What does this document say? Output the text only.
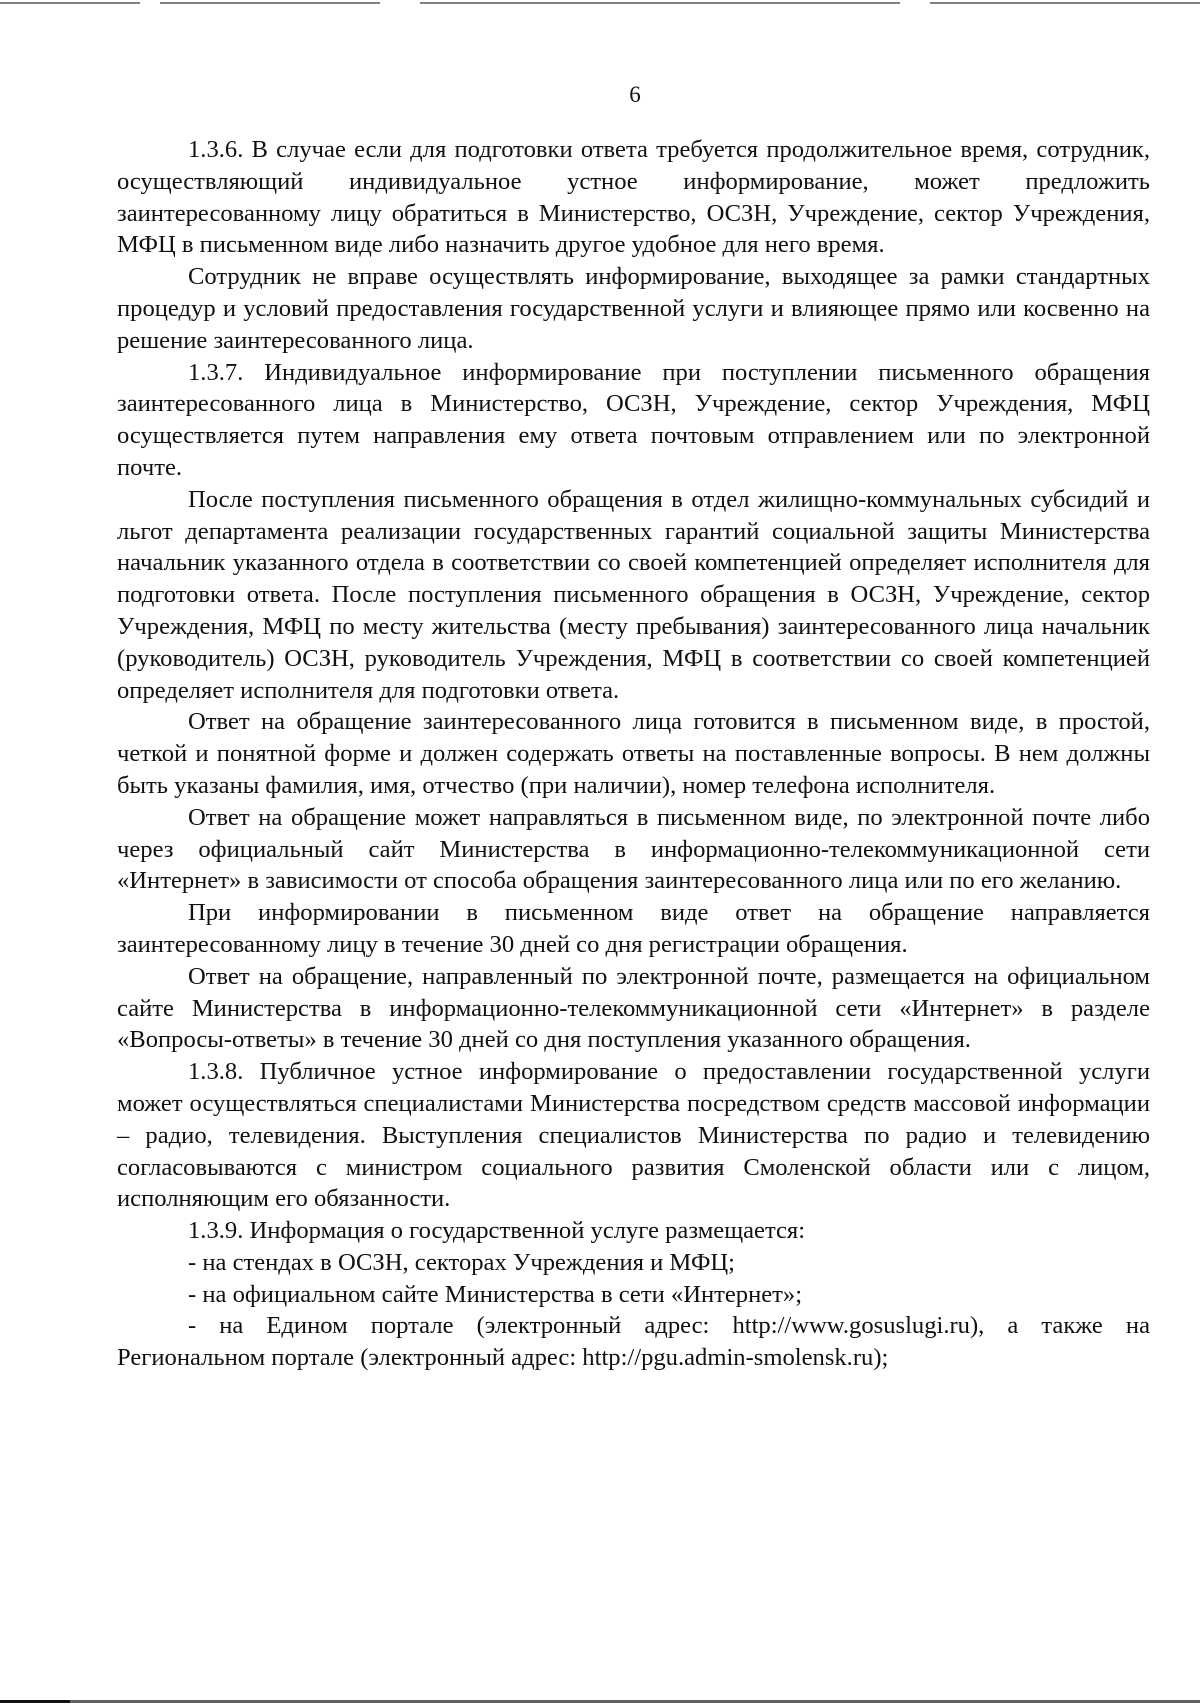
6

1.3.6. В случае если для подготовки ответа требуется продолжительное время, сотрудник, осуществляющий индивидуальное устное информирование, может предложить заинтересованному лицу обратиться в Министерство, ОСЗН, Учреждение, сектор Учреждения, МФЦ в письменном виде либо назначить другое удобное для него время.

Сотрудник не вправе осуществлять информирование, выходящее за рамки стандартных процедур и условий предоставления государственной услуги и влияющее прямо или косвенно на решение заинтересованного лица.

1.3.7. Индивидуальное информирование при поступлении письменного обращения заинтересованного лица в Министерство, ОСЗН, Учреждение, сектор Учреждения, МФЦ осуществляется путем направления ему ответа почтовым отправлением или по электронной почте.

После поступления письменного обращения в отдел жилищно-коммунальных субсидий и льгот департамента реализации государственных гарантий социальной защиты Министерства начальник указанного отдела в соответствии со своей компетенцией определяет исполнителя для подготовки ответа. После поступления письменного обращения в ОСЗН, Учреждение, сектор Учреждения, МФЦ по месту жительства (месту пребывания) заинтересованного лица начальник (руководитель) ОСЗН, руководитель Учреждения, МФЦ в соответствии со своей компетенцией определяет исполнителя для подготовки ответа.

Ответ на обращение заинтересованного лица готовится в письменном виде, в простой, четкой и понятной форме и должен содержать ответы на поставленные вопросы. В нем должны быть указаны фамилия, имя, отчество (при наличии), номер телефона исполнителя.

Ответ на обращение может направляться в письменном виде, по электронной почте либо через официальный сайт Министерства в информационно-телекоммуникационной сети «Интернет» в зависимости от способа обращения заинтересованного лица или по его желанию.

При информировании в письменном виде ответ на обращение направляется заинтересованному лицу в течение 30 дней со дня регистрации обращения.

Ответ на обращение, направленный по электронной почте, размещается на официальном сайте Министерства в информационно-телекоммуникационной сети «Интернет» в разделе «Вопросы-ответы» в течение 30 дней со дня поступления указанного обращения.

1.3.8. Публичное устное информирование о предоставлении государственной услуги может осуществляться специалистами Министерства посредством средств массовой информации – радио, телевидения. Выступления специалистов Министерства по радио и телевидению согласовываются с министром социального развития Смоленской области или с лицом, исполняющим его обязанности.

1.3.9. Информация о государственной услуге размещается:

- на стендах в ОСЗН, секторах Учреждения и МФЦ;

- на официальном сайте Министерства в сети «Интернет»;

- на Едином портале (электронный адрес: http://www.gosuslugi.ru), а также на Региональном портале (электронный адрес: http://pgu.admin-smolensk.ru);
